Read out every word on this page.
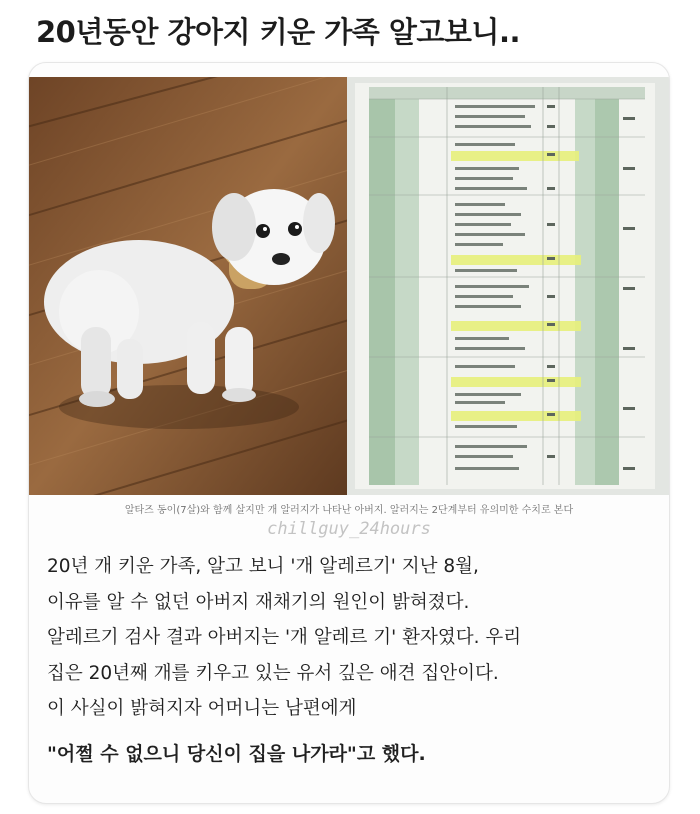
20년동안 강아지 키운 가족 알고보니..
알타즈 동이(7살)와 함께 살지만 개 알러지가 나타난 아버지. 알러지는 2단계부터 유의미한 수치로 본다
chillguy_24hours

20년 개 키운 가족, 알고 보니 '개 알레르기' 지난 8월,

이유를 알 수 없던 아버지 재채기의 원인이 밝혀졌다.

알레르기 검사 결과 아버지는 '개 알레르 기' 환자였다. 우리

집은 20년째 개를 키우고 있는 유서 깊은 애견 집안이다.

이 사실이 밝혀지자 어머니는 남편에게

"어쩔 수 없으니 당신이 집을 나가라"고 했다.
